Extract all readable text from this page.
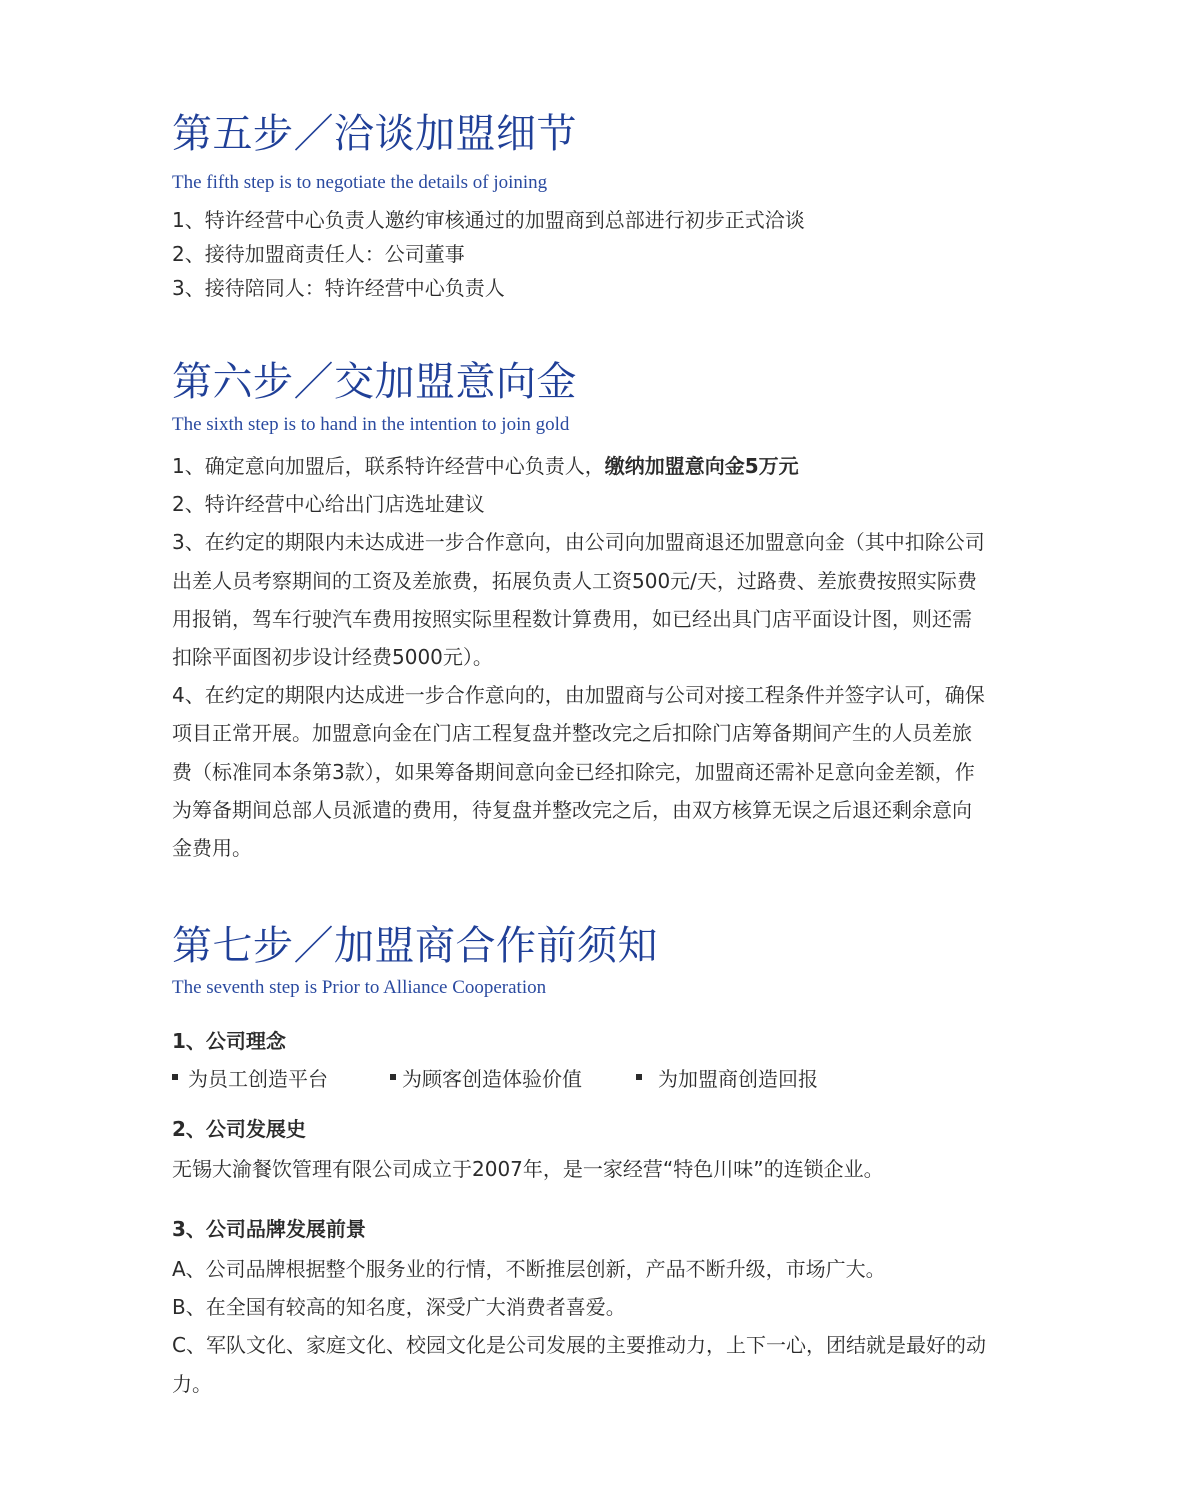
第五步／洽谈加盟细节

The fifth step is to negotiate the details of joining

1、特许经营中心负责人邀约审核通过的加盟商到总部进行初步正式洽谈

2、接待加盟商责任人：公司董事

3、接待陪同人：特许经营中心负责人

第六步／交加盟意向金

The sixth step is to hand in the intention to join gold

1、确定意向加盟后，联系特许经营中心负责人，缴纳加盟意向金5万元

2、特许经营中心给出门店选址建议

3、在约定的期限内未达成进一步合作意向，由公司向加盟商退还加盟意向金（其中扣除公司
出差人员考察期间的工资及差旅费，拓展负责人工资500元/天，过路费、差旅费按照实际费
用报销，驾车行驶汽车费用按照实际里程数计算费用，如已经出具门店平面设计图，则还需
扣除平面图初步设计经费5000元）。

4、在约定的期限内达成进一步合作意向的，由加盟商与公司对接工程条件并签字认可，确保
项目正常开展。加盟意向金在门店工程复盘并整改完之后扣除门店筹备期间产生的人员差旅
费（标准同本条第3款），如果筹备期间意向金已经扣除完，加盟商还需补足意向金差额，作
为筹备期间总部人员派遣的费用，待复盘并整改完之后，由双方核算无误之后退还剩余意向
金费用。

第七步／加盟商合作前须知

The seventh step is Prior to Alliance Cooperation

1、公司理念

为员工创造平台	为顾客创造体验价值	为加盟商创造回报

2、公司发展史

无锡大渝餐饮管理有限公司成立于2007年，是一家经营“特色川味”的连锁企业。

3、公司品牌发展前景

A、公司品牌根据整个服务业的行情，不断推层创新，产品不断升级，市场广大。

B、在全国有较高的知名度，深受广大消费者喜爱。

C、军队文化、家庭文化、校园文化是公司发展的主要推动力，上下一心，团结就是最好的动
力。
